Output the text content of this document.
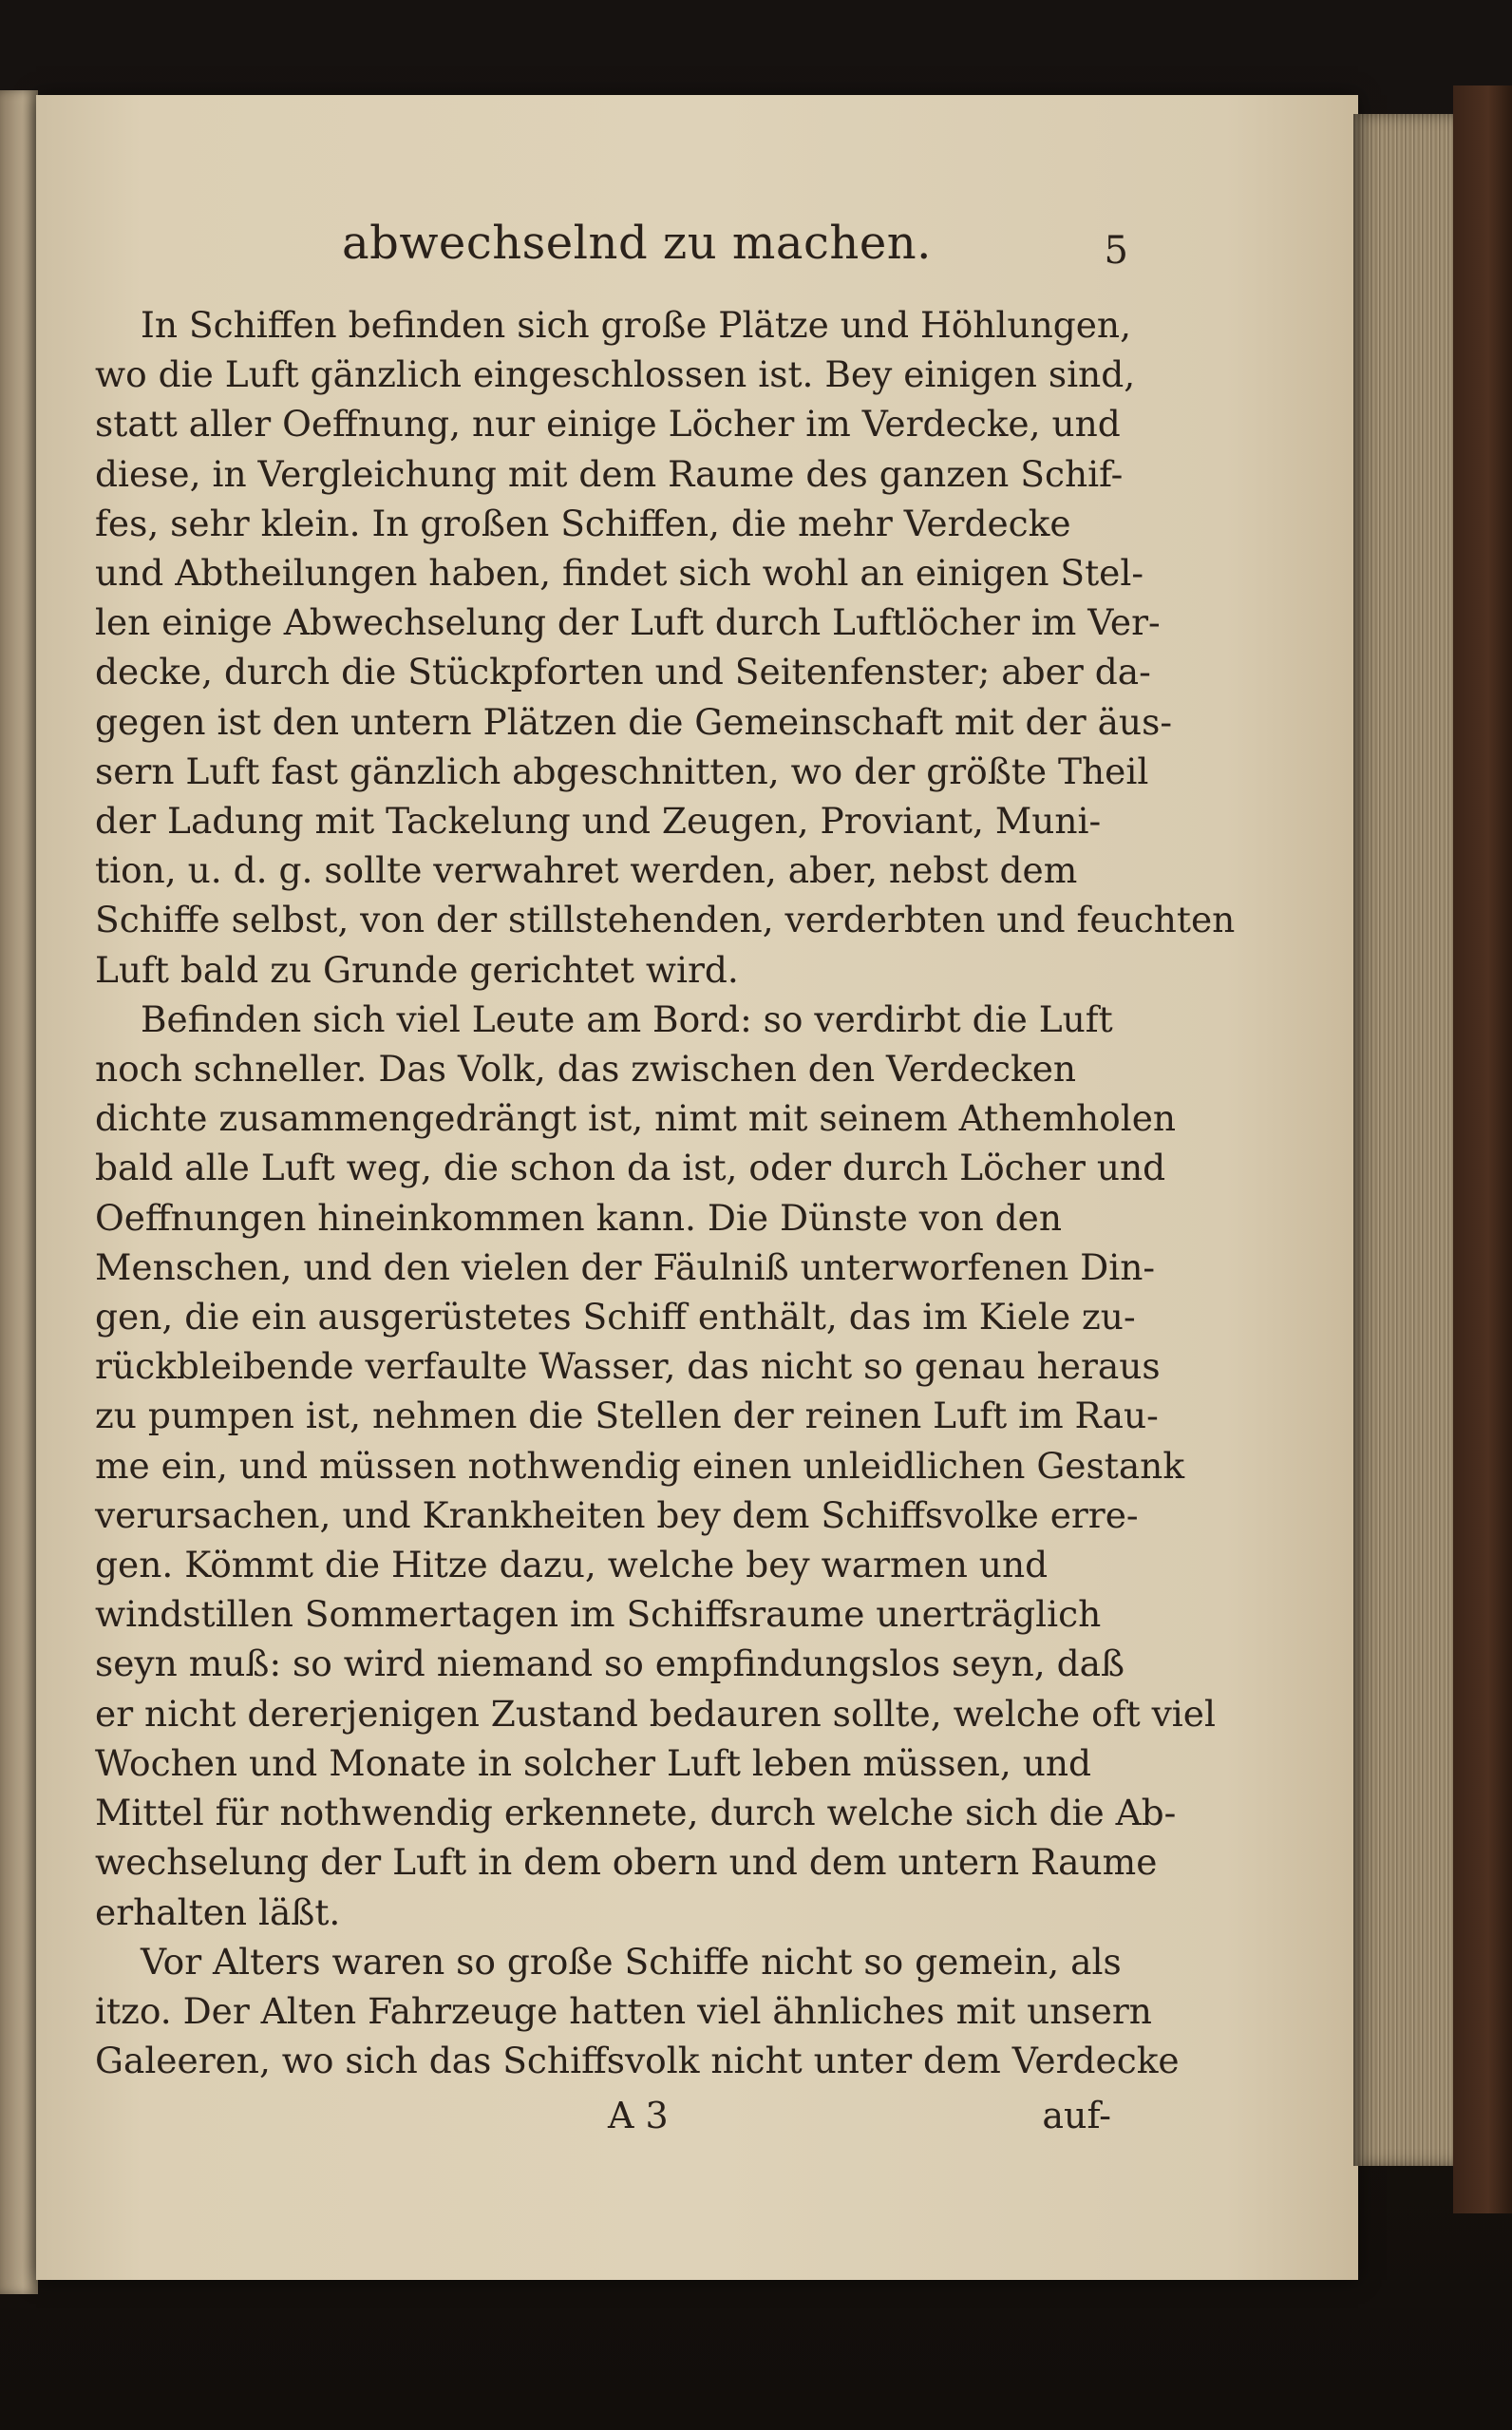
abwechselnd zu machen.	5
In Schiffen befinden sich große Plätze und Höhlungen,
wo die Luft gänzlich eingeschlossen ist. Bey einigen sind,
statt aller Oeffnung, nur einige Löcher im Verdecke, und
diese, in Vergleichung mit dem Raume des ganzen Schif-
fes, sehr klein. In großen Schiffen, die mehr Verdecke
und Abtheilungen haben, findet sich wohl an einigen Stel-
len einige Abwechselung der Luft durch Luftlöcher im Ver-
decke, durch die Stückpforten und Seitenfenster; aber da-
gegen ist den untern Plätzen die Gemeinschaft mit der äus-
sern Luft fast gänzlich abgeschnitten, wo der größte Theil
der Ladung mit Tackelung und Zeugen, Proviant, Muni-
tion, u. d. g. sollte verwahret werden, aber, nebst dem
Schiffe selbst, von der stillstehenden, verderbten und feuchten
Luft bald zu Grunde gerichtet wird.
Befinden sich viel Leute am Bord: so verdirbt die Luft
noch schneller. Das Volk, das zwischen den Verdecken
dichte zusammengedrängt ist, nimt mit seinem Athemholen
bald alle Luft weg, die schon da ist, oder durch Löcher und
Oeffnungen hineinkommen kann. Die Dünste von den
Menschen, und den vielen der Fäulniß unterworfenen Din-
gen, die ein ausgerüstetes Schiff enthält, das im Kiele zu-
rückbleibende verfaulte Wasser, das nicht so genau heraus
zu pumpen ist, nehmen die Stellen der reinen Luft im Rau-
me ein, und müssen nothwendig einen unleidlichen Gestank
verursachen, und Krankheiten bey dem Schiffsvolke erre-
gen. Kömmt die Hitze dazu, welche bey warmen und
windstillen Sommertagen im Schiffsraume unerträglich
seyn muß: so wird niemand so empfindungslos seyn, daß
er nicht dererjenigen Zustand bedauren sollte, welche oft viel
Wochen und Monate in solcher Luft leben müssen, und
Mittel für nothwendig erkennete, durch welche sich die Ab-
wechselung der Luft in dem obern und dem untern Raume
erhalten läßt.
Vor Alters waren so große Schiffe nicht so gemein, als
itzo. Der Alten Fahrzeuge hatten viel ähnliches mit unsern
Galeeren, wo sich das Schiffsvolk nicht unter dem Verdecke
A 3	auf-
